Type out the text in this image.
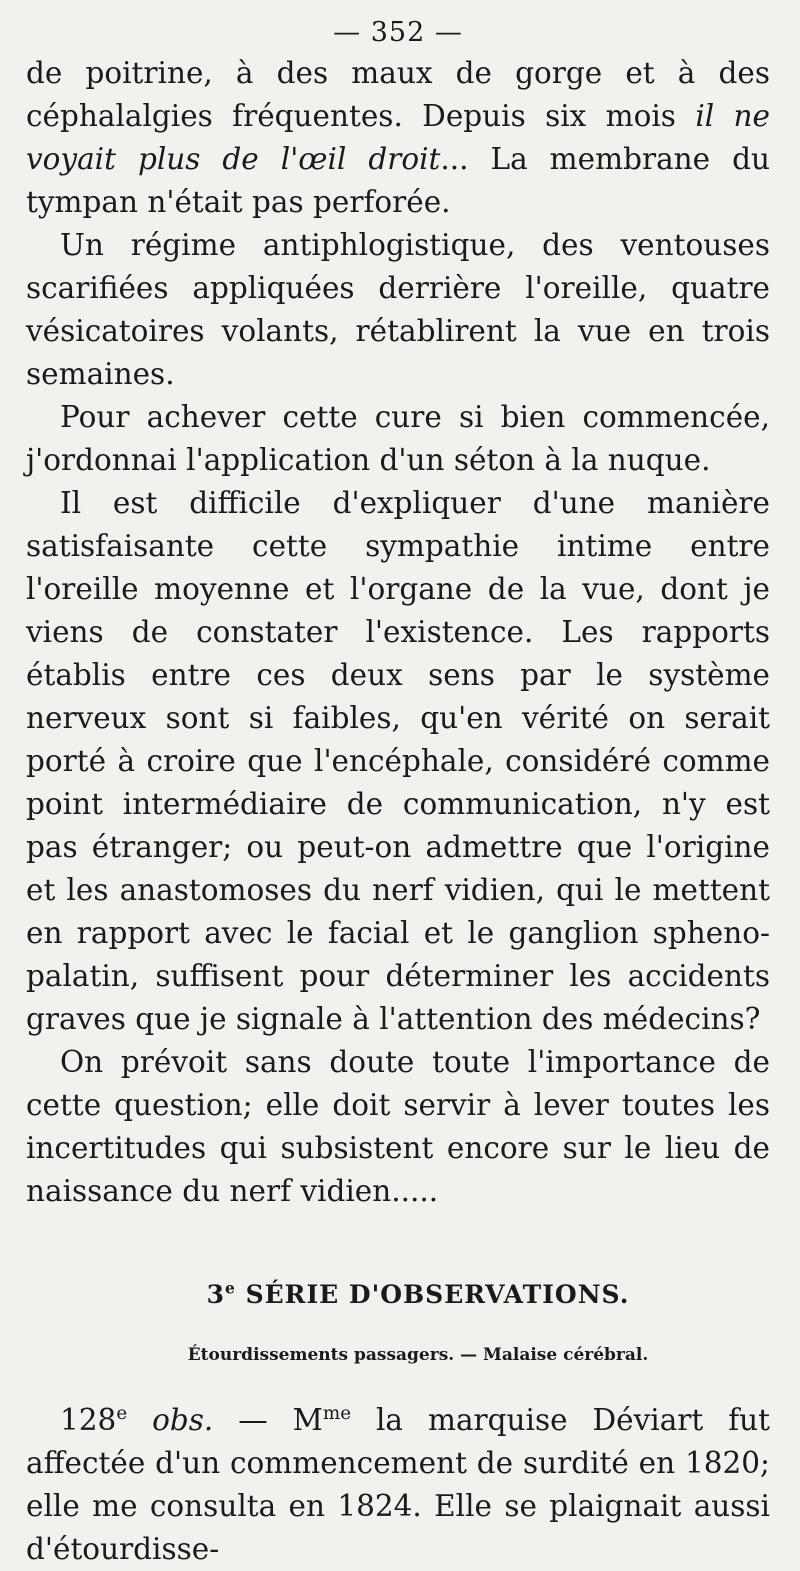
— 352 —

de poitrine, à des maux de gorge et à des céphalalgies fréquentes. Depuis six mois il ne voyait plus de l'œil droit... La membrane du tympan n'était pas perforée.

Un régime antiphlogistique, des ventouses scarifiées appliquées derrière l'oreille, quatre vésicatoires volants, rétablirent la vue en trois semaines.

Pour achever cette cure si bien commencée, j'ordonnai l'application d'un séton à la nuque.

Il est difficile d'expliquer d'une manière satisfaisante cette sympathie intime entre l'oreille moyenne et l'organe de la vue, dont je viens de constater l'existence. Les rapports établis entre ces deux sens par le système nerveux sont si faibles, qu'en vérité on serait porté à croire que l'encéphale, considéré comme point intermédiaire de communication, n'y est pas étranger; ou peut-on admettre que l'origine et les anastomoses du nerf vidien, qui le mettent en rapport avec le facial et le ganglion spheno-palatin, suffisent pour déterminer les accidents graves que je signale à l'attention des médecins?

On prévoit sans doute toute l'importance de cette question; elle doit servir à lever toutes les incertitudes qui subsistent encore sur le lieu de naissance du nerf vidien.....

3e SÉRIE D'OBSERVATIONS.
Étourdissements passagers. — Malaise cérébral.

128e obs. — $M^{me}$ la marquise Déviart fut affectée d'un commencement de surdité en 1820; elle me consulta en 1824. Elle se plaignait aussi d'étourdisse-
